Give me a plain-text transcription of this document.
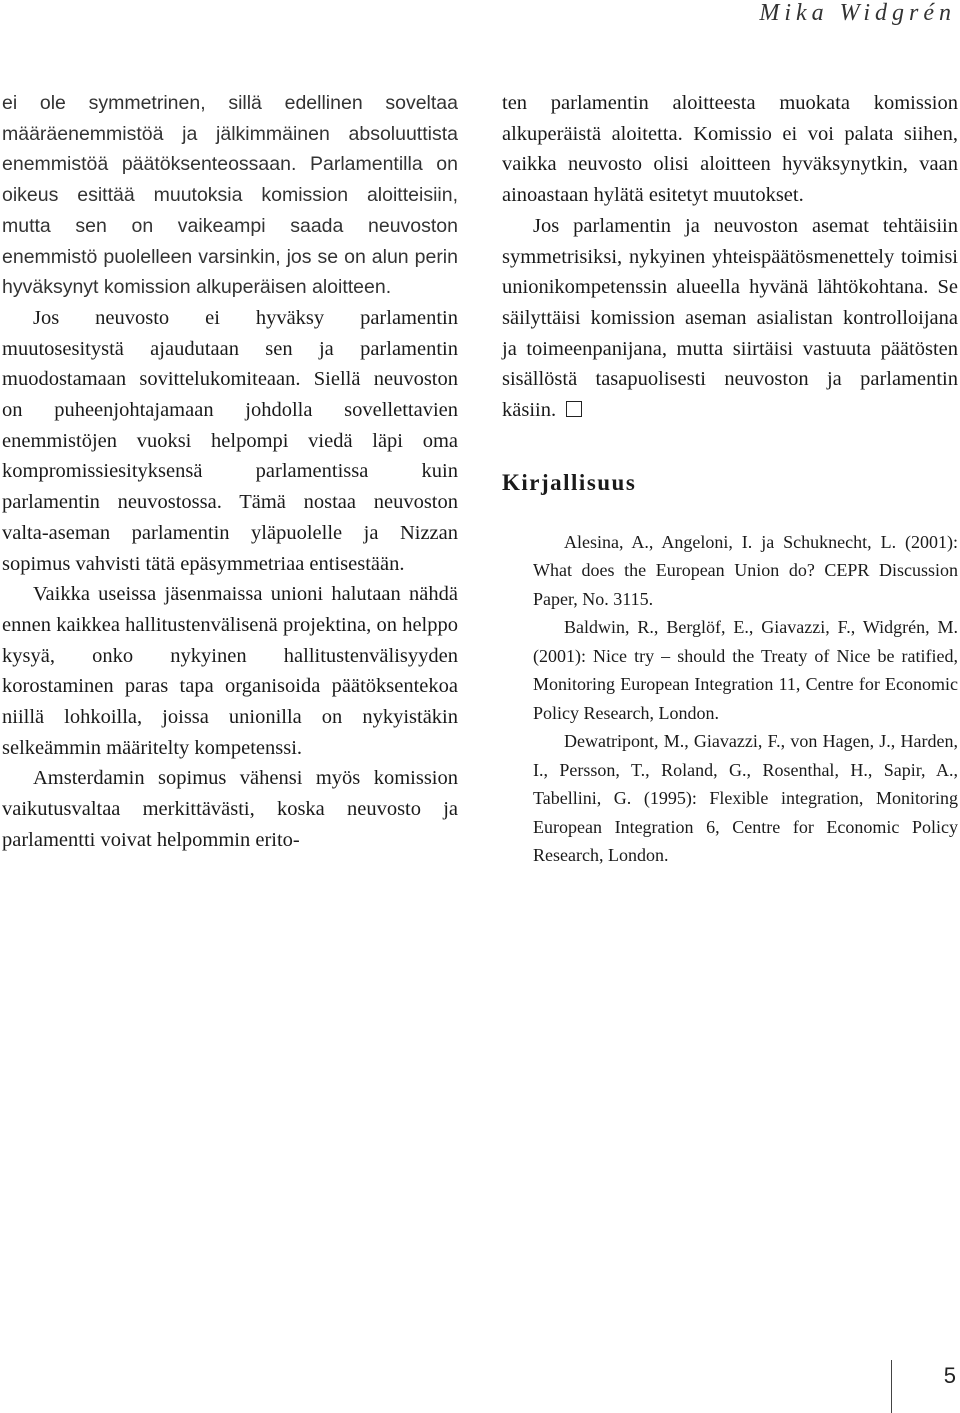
Mika Widgrén

ei ole symmetrinen, sillä edellinen soveltaa määräenemmistöä ja jälkimmäinen absoluuttista enemmistöä päätöksenteossaan. Parlamentilla on oikeus esittää muutoksia komission aloitteisiin, mutta sen on vaikeampi saada neuvoston enemmistö puolelleen varsinkin, jos se on alun perin hyväksynyt komission alkuperäisen aloitteen.

Jos neuvosto ei hyväksy parlamentin muutosesitystä ajaudutaan sen ja parlamentin muodostamaan sovittelukomiteaan. Siellä neuvoston on puheenjohtajamaan johdolla sovellettavien enemmistöjen vuoksi helpompi viedä läpi oma kompromissiesityksensä parlamentissa kuin parlamentin neuvostossa. Tämä nostaa neuvoston valta-aseman parlamentin yläpuolelle ja Nizzan sopimus vahvisti tätä epäsymmetriaa entisestään.

Vaikka useissa jäsenmaissa unioni halutaan nähdä ennen kaikkea hallitustenvälisenä projektina, on helppo kysyä, onko nykyinen hallitustenvälisyyden korostaminen paras tapa organisoida päätöksentekoa niillä lohkoilla, joissa unionilla on nykyistäkin selkeämmin määritelty kompetenssi.

Amsterdamin sopimus vähensi myös komission vaikutusvaltaa merkittävästi, koska neuvosto ja parlamentti voivat helpommin erito-

ten parlamentin aloitteesta muokata komission alkuperäistä aloitetta. Komissio ei voi palata siihen, vaikka neuvosto olisi aloitteen hyväksynytkin, vaan ainoastaan hylätä esitetyt muutokset.

Jos parlamentin ja neuvoston asemat tehtäisiin symmetrisiksi, nykyinen yhteispäätösmenettely toimisi unionikompetenssin alueella hyvänä lähtökohtana. Se säilyttäisi komission aseman asialistan kontrolloijana ja toimeenpanijana, mutta siirtäisi vastuuta päätösten sisällöstä tasapuolisesti neuvoston ja parlamentin käsiin.

Kirjallisuus

Alesina, A., Angeloni, I. ja Schuknecht, L. (2001): What does the European Union do? CEPR Discussion Paper, No. 3115.

Baldwin, R., Berglöf, E., Giavazzi, F., Widgrén, M. (2001): Nice try – should the Treaty of Nice be ratified, Monitoring European Integration 11, Centre for Economic Policy Research, London.

Dewatripont, M., Giavazzi, F., von Hagen, J., Harden, I., Persson, T., Roland, G., Rosenthal, H., Sapir, A., Tabellini, G. (1995): Flexible integration, Monitoring European Integration 6, Centre for Economic Policy Research, London.

5
